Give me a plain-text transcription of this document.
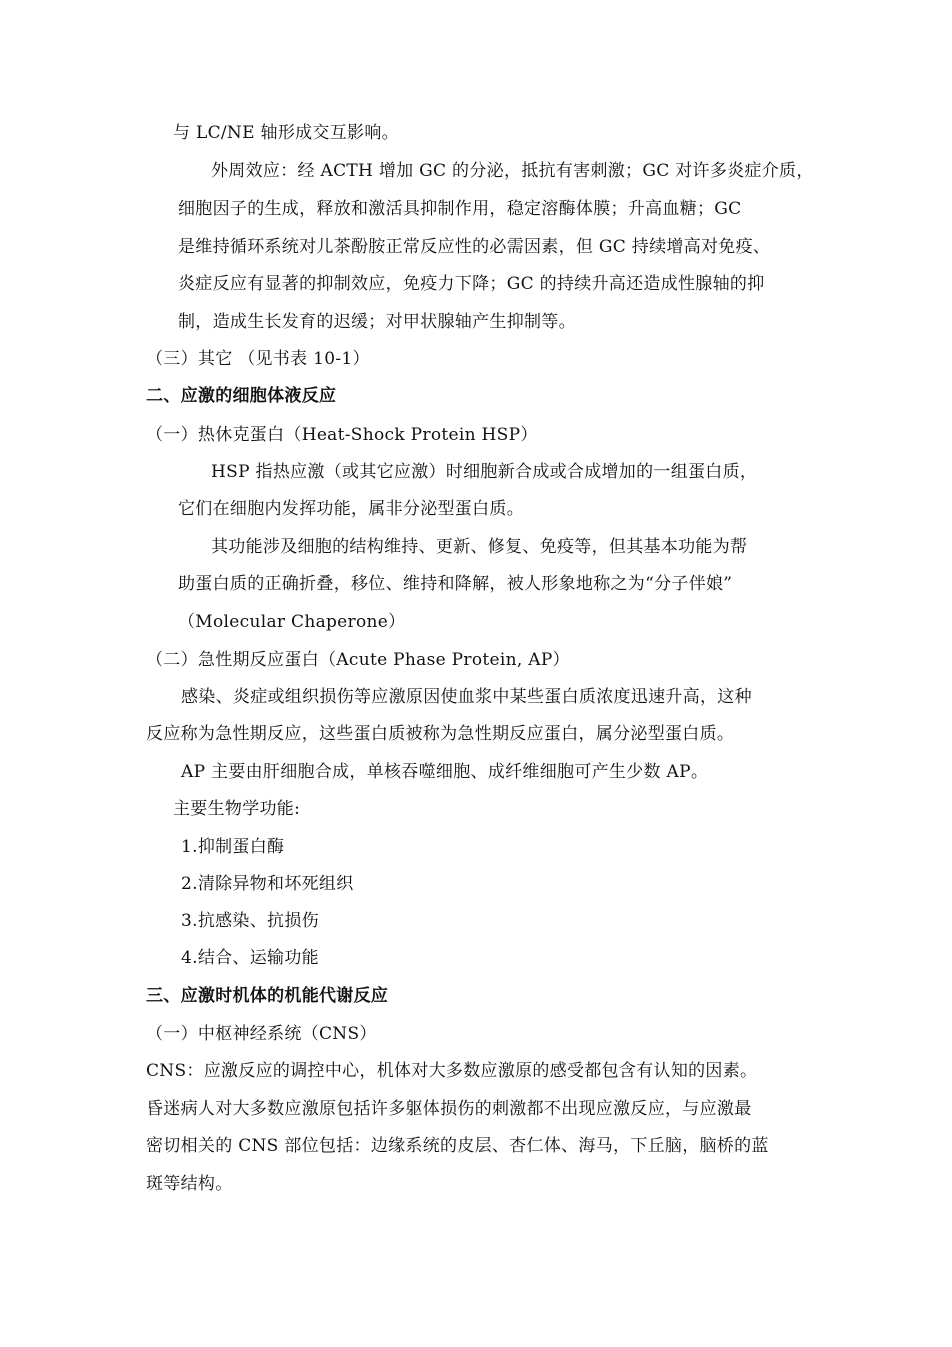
与 LC/NE 轴形成交互影响。
外周效应：经 ACTH 增加 GC 的分泌，抵抗有害刺激；GC 对许多炎症介质，
细胞因子的生成，释放和激活具抑制作用，稳定溶酶体膜；升高血糖；GC
是维持循环系统对儿茶酚胺正常反应性的必需因素，但 GC 持续增高对免疫、
炎症反应有显著的抑制效应，免疫力下降；GC 的持续升高还造成性腺轴的抑
制，造成生长发育的迟缓；对甲状腺轴产生抑制等。
（三）其它 （见书表 10-1）
二、应激的细胞体液反应
（一）热休克蛋白（Heat-Shock Protein HSP）
HSP 指热应激（或其它应激）时细胞新合成或合成增加的一组蛋白质，
它们在细胞内发挥功能，属非分泌型蛋白质。
其功能涉及细胞的结构维持、更新、修复、免疫等，但其基本功能为帮
助蛋白质的正确折叠，移位、维持和降解，被人形象地称之为“分子伴娘”
（Molecular Chaperone）
（二）急性期反应蛋白（Acute Phase Protein, AP）
感染、炎症或组织损伤等应激原因使血浆中某些蛋白质浓度迅速升高，这种
反应称为急性期反应，这些蛋白质被称为急性期反应蛋白，属分泌型蛋白质。
AP 主要由肝细胞合成，单核吞噬细胞、成纤维细胞可产生少数 AP。
主要生物学功能:
1.抑制蛋白酶
2.清除异物和坏死组织
3.抗感染、抗损伤
4.结合、运输功能
三、应激时机体的机能代谢反应
（一）中枢神经系统（CNS）
CNS：应激反应的调控中心，机体对大多数应激原的感受都包含有认知的因素。
昏迷病人对大多数应激原包括许多躯体损伤的刺激都不出现应激反应，与应激最
密切相关的 CNS 部位包括：边缘系统的皮层、杏仁体、海马，下丘脑，脑桥的蓝
斑等结构。
